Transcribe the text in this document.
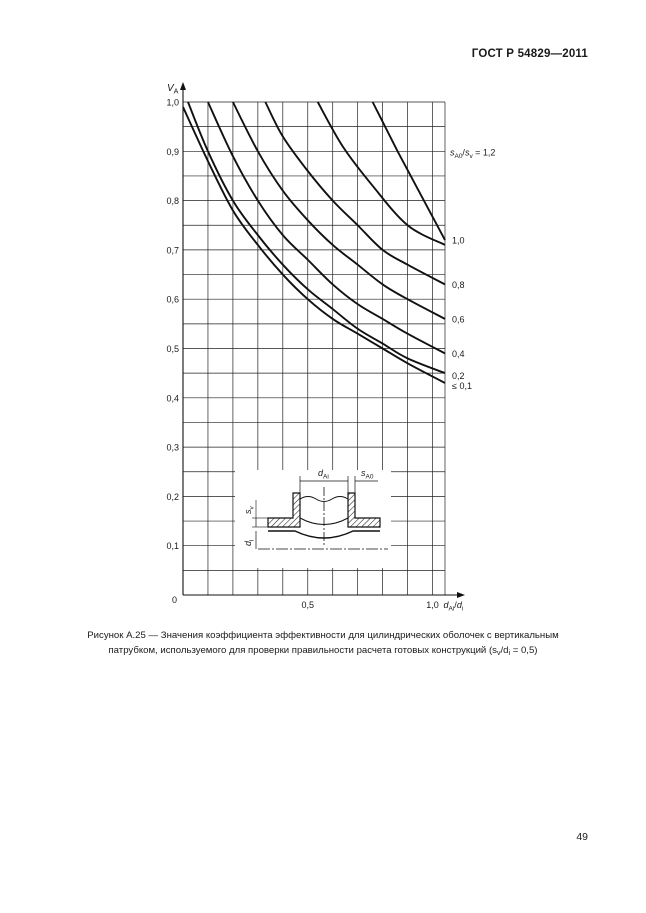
ГОСТ Р 54829—2011
0,1
0,2
0,3
0,4
0,5
0,6
0,7
0,8
0,9
1,0
0,5	1,0
0
$V_A$
$d_{Ai}/d_i$
$s_{A0}/s_v = 1,2$
1,0
0,8
0,6
0,4
0,2
≤ 0,1
$d_{Ai}$	$s_{A0}$
$s_v$
$d_i$
Рисунок А.25 — Значения коэффициента эффективности для цилиндрических оболочек с вертикальным
патрубком, используемого для проверки правильности расчета готовых конструкций $(s_v/d_i = 0,5)$
49
